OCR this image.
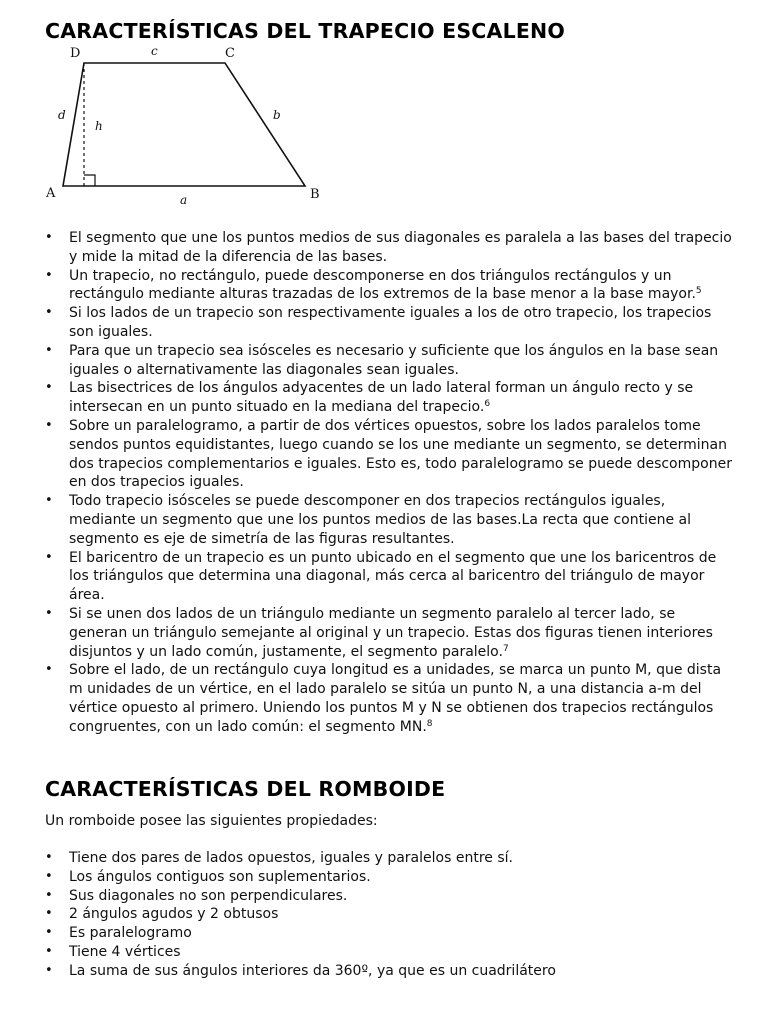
CARACTERÍSTICAS DEL TRAPECIO ESCALENO
D	C
A	B
c
d
h
b
a
• El segmento que une los puntos medios de sus diagonales es paralela a las bases del trapecio y mide la mitad de la diferencia de las bases.
• Un trapecio, no rectángulo, puede descomponerse en dos triángulos rectángulos y un rectángulo mediante alturas trazadas de los extremos de la base menor a la base mayor.$^5$
• Si los lados de un trapecio son respectivamente iguales a los de otro trapecio, los trapecios son iguales.
• Para que un trapecio sea isósceles es necesario y suficiente que los ángulos en la base sean iguales o alternativamente las diagonales sean iguales.
• Las bisectrices de los ángulos adyacentes de un lado lateral forman un ángulo recto y se intersecan en un punto situado en la mediana del trapecio.$^6$
• Sobre un paralelogramo, a partir de dos vértices opuestos, sobre los lados paralelos tome sendos puntos equidistantes, luego cuando se los une mediante un segmento, se determinan dos trapecios complementarios e iguales. Esto es, todo paralelogramo se puede descomponer en dos trapecios iguales.
• Todo trapecio isósceles se puede descomponer en dos trapecios rectángulos iguales, mediante un segmento que une los puntos medios de las bases.La recta que contiene al segmento es eje de simetría de las figuras resultantes.
• El baricentro de un trapecio es un punto ubicado en el segmento que une los baricentros de los triángulos que determina una diagonal, más cerca al baricentro del triángulo de mayor área.
• Si se unen dos lados de un triángulo mediante un segmento paralelo al tercer lado, se generan un triángulo semejante al original y un trapecio. Estas dos figuras tienen interiores disjuntos y un lado común, justamente, el segmento paralelo.$^7$
• Sobre el lado, de un rectángulo cuya longitud es a unidades, se marca un punto M, que dista m unidades de un vértice, en el lado paralelo se sitúa un punto N, a una distancia a-m del vértice opuesto al primero. Uniendo los puntos M y N se obtienen dos trapecios rectángulos congruentes, con un lado común: el segmento MN.$^8$
CARACTERÍSTICAS DEL ROMBOIDE

Un romboide posee las siguientes propiedades:

• Tiene dos pares de lados opuestos, iguales y paralelos entre sí.
• Los ángulos contiguos son suplementarios.
• Sus diagonales no son perpendiculares.
• 2 ángulos agudos y 2 obtusos
• Es paralelogramo
• Tiene 4 vértices
• La suma de sus ángulos interiores da 360º, ya que es un cuadrilátero
